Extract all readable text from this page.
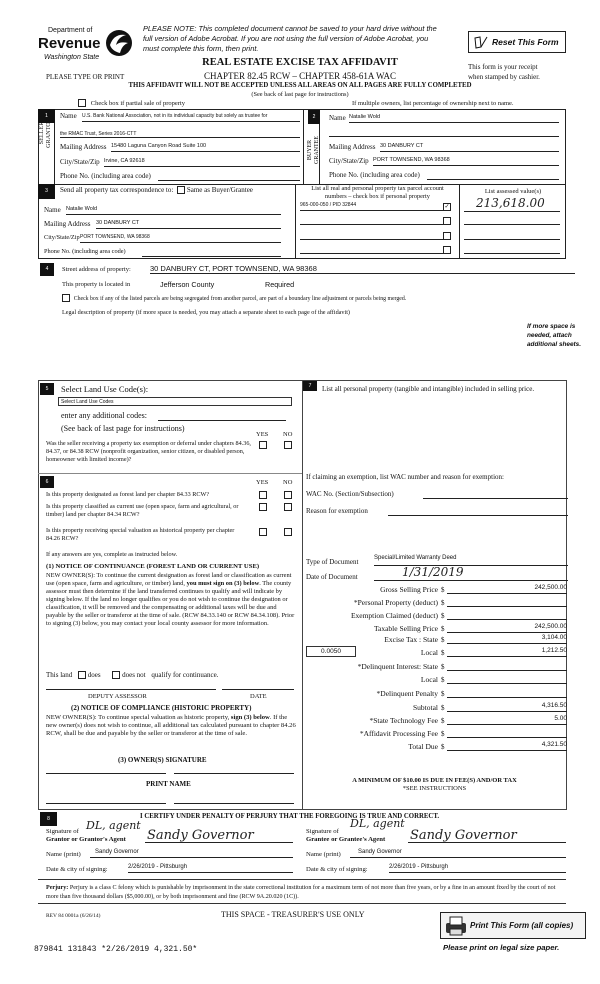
Department of
Revenue
Washington State
PLEASE NOTE: This completed document cannot be saved to your hard drive without the full version of Adobe Acrobat. If you are not using the full version of Adobe Acrobat, you must complete this form, then print.
Reset This Form
REAL ESTATE EXCISE TAX AFFIDAVIT
PLEASE TYPE OR PRINT	CHAPTER 82.45 RCW – CHAPTER 458-61A WAC
This form is your receipt
when stamped by cashier.
THIS AFFIDAVIT WILL NOT BE ACCEPTED UNLESS ALL AREAS ON ALL PAGES ARE FULLY COMPLETED
(See back of last page for instructions)
Check box if partial sale of property	If multiple owners, list percentage of ownership next to name.
1
SELLER GRANTOR
Name U.S. Bank National Association, not in its individual capacity but solely as trustee for
the RMAC Trust, Series 2016-CTT
Mailing Address 15480 Laguna Canyon Road Suite 100
City/State/Zip Irvine, CA 92618
Phone No. (including area code)
2
BUYER GRANTEE
Name Natalie Wold
Mailing Address 30 DANBURY CT
City/State/Zip PORT TOWNSEND, WA 98368
Phone No. (including area code)
3	Send all property tax correspondence to: Same as Buyer/Grantee
Name Natalie Wold
Mailing Address 30 DANBURY CT
City/State/Zip PORT TOWNSEND, WA 98368
Phone No. (including area code)
List all real and personal property tax parcel account
numbers – check box if personal property
List assessed value(s)
965-000-050 / PID 32844	✓	213,618.00
4	Street address of property:	30 DANBURY CT, PORT TOWNSEND, WA 98368
This property is located in	Jefferson County	Required
Check box if any of the listed parcels are being segregated from another parcel, are part of a boundary line adjustment or parcels being merged.
Legal description of property (if more space is needed, you may attach a separate sheet to each page of the affidavit)
If more space is needed, attach additional sheets.
5	Select Land Use Code(s):
Select Land Use Codes
enter any additional codes:
(See back of last page for instructions)
YES NO
Was the seller receiving a property tax exemption or deferral under chapters 84.36, 84.37, or 84.38 RCW (nonprofit organization, senior citizen, or disabled person, homeowner with limited income)?
6	YES NO
Is this property designated as forest land per chapter 84.33 RCW?
Is this property classified as current use (open space, farm and agricultural, or timber) land per chapter 84.34 RCW?
Is this property receiving special valuation as historical property per chapter 84.26 RCW?
If any answers are yes, complete as instructed below.
(1) NOTICE OF CONTINUANCE (FOREST LAND OR CURRENT USE)
NEW OWNER(S): To continue the current designation as forest land or classification as current use (open space, farm and agriculture, or timber) land, you must sign on (3) below. The county assessor must then determine if the land transferred continues to qualify and will indicate by signing below. If the land no longer qualifies or you do not wish to continue the designation or classification, it will be removed and the compensating or additional taxes will be due and payable by the seller or transferor at the time of sale. (RCW 84.33.140 or RCW 84.34.108). Prior to signing (3) below, you may contact your local county assessor for more information.
This land does	does not qualify for continuance.
DEPUTY ASSESSOR	DATE
(2) NOTICE OF COMPLIANCE (HISTORIC PROPERTY)
NEW OWNER(S): To continue special valuation as historic property, sign (3) below. If the new owner(s) does not wish to continue, all additional tax calculated pursuant to chapter 84.26 RCW, shall be due and payable by the seller or transferor at the time of sale.
(3) OWNER(S) SIGNATURE
PRINT NAME
7	List all personal property (tangible and intangible) included in selling price.
If claiming an exemption, list WAC number and reason for exemption:
WAC No. (Section/Subsection)
Reason for exemption
Type of Document	Special/Limited Warranty Deed
Date of Document	1/31/2019
Gross Selling Price $	242,500.00
*Personal Property (deduct) $
Exemption Claimed (deduct) $
Taxable Selling Price $	242,500.00
Excise Tax : State $	3,104.00
0.0050	Local $	1,212.50
*Delinquent Interest: State $
Local $
*Delinquent Penalty $
Subtotal $	4,316.50
*State Technology Fee $	5.00
*Affidavit Processing Fee $
Total Due $	4,321.50
A MINIMUM OF $10.00 IS DUE IN FEE(S) AND/OR TAX
*SEE INSTRUCTIONS
8	I CERTIFY UNDER PENALTY OF PERJURY THAT THE FOREGOING IS TRUE AND CORRECT.
Signature of
Grantor or Grantor's Agent
DL, agent
Sandy Governor
Name (print)	Sandy Governor
Date & city of signing:	2/26/2019 - Pittsburgh
Signature of
Grantee or Grantee's Agent
DL, agent
Sandy Governor
Name (print)	Sandy Governor
Date & city of signing:	2/26/2019 - Pittsburgh
Perjury: Perjury is a class C felony which is punishable by imprisonment in the state correctional institution for a maximum term of not more than five years, or by a fine in an amount fixed by the court of not more than five thousand dollars ($5,000.00), or by both imprisonment and fine (RCW 9A.20.020 (1C)).
REV 84 0001a (6/26/14)	THIS SPACE - TREASURER'S USE ONLY
Print This Form (all copies)
Please print on legal size paper.
879841 131843 *2/26/2019 4,321.50*
